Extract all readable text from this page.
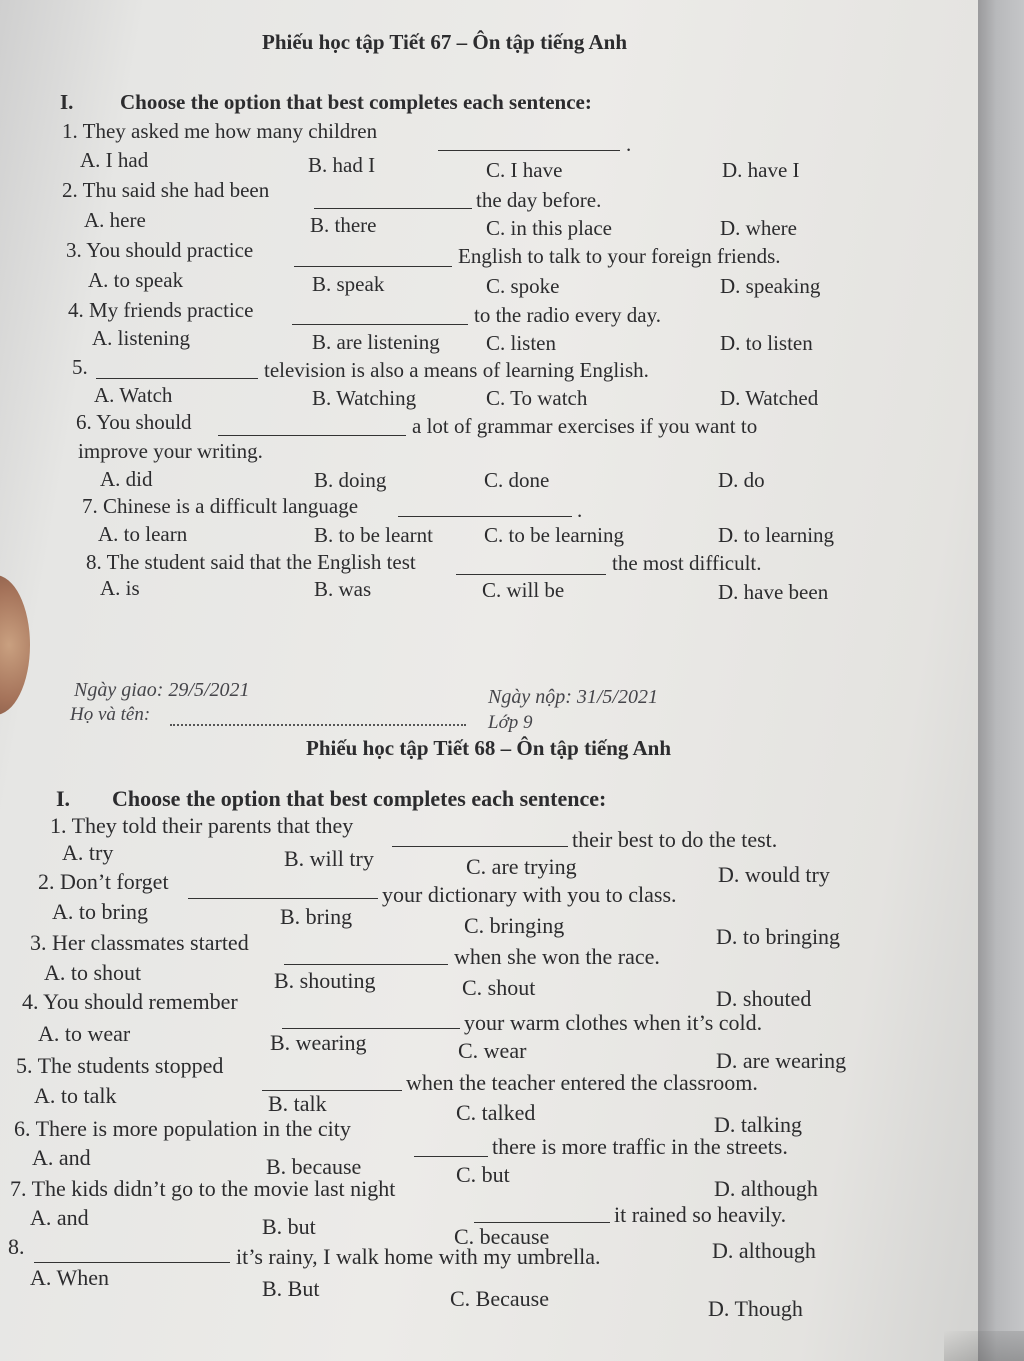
Phiếu học tập Tiết 67 – Ôn tập tiếng Anh
I. Choose the option that best completes each sentence:
1. They asked me how many children
.
A. I had	B. had I	C. I have	D. have I
2. Thu said she had been	the day before.
A. here	B. there	C. in this place	D. where
3. You should practice	English to talk to your foreign friends.
A. to speak	B. speak	C. spoke	D. speaking
4. My friends practice	to the radio every day.
A. listening	B. are listening C. listen	D. to listen
5.	television is also a means of learning English.
A. Watch	B. Watching	C. To watch	D. Watched
6. You should	a lot of grammar exercises if you want to
improve your writing.
A. did	B. doing	C. done	D. do
7. Chinese is a difficult language	.
A. to learn	B. to be learnt C. to be learning	D. to learning
8. The student said that the English test	the most difficult.
A. is	B. was	C. will be	D. have been
Ngày giao: 29/5/2021	Ngày nộp: 31/5/2021
Họ và tên:	Lớp 9
Phiếu học tập Tiết 68 – Ôn tập tiếng Anh
I. Choose the option that best completes each sentence:
1. They told their parents that they
their best to do the test.
A. try	B. will try	C. are trying	D. would try
2. Don’t forget
your dictionary with you to class.
A. to bring	B. bring	C. bringing	D. to bringing
3. Her classmates started
when she won the race.
A. to shout	B. shouting	C. shout	D. shouted
4. You should remember
your warm clothes when it’s cold.
A. to wear	B. wearing	C. wear	D. are wearing
5. The students stopped
when the teacher entered the classroom.
A. to talk	B. talk	C. talked	D. talking
6. There is more population in the city
there is more traffic in the streets.
A. and	B. because	C. but
D. although
7. The kids didn’t go to the movie last night
it rained so heavily.
A. and	B. but	C. because
D. although
8.	it’s rainy, I walk home with my umbrella.
A. When	B. But	C. Because	D. Though
